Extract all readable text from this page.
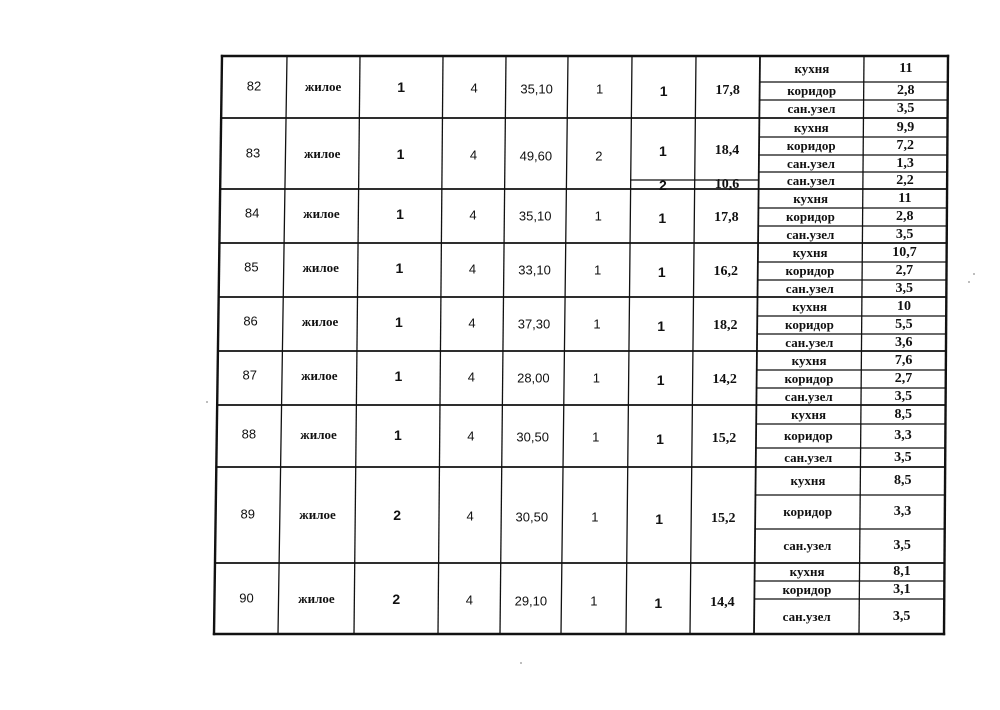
82	жилое	1	4	35,10	1	1	17,8
кухня	11
коридор	2,8
сан.узел	3,5
83	жилое	1	4	49,60	2	1	18,4
2	10,6
кухня	9,9
коридор	7,2
сан.узел	1,3
сан.узел	2,2
84	жилое	1	4	35,10	1	1	17,8
кухня	11
коридор	2,8
сан.узел	3,5
85	жилое	1	4	33,10	1	1	16,2
кухня	10,7
коридор	2,7
сан.узел	3,5
86	жилое	1	4	37,30	1	1	18,2
кухня	10
коридор	5,5
сан.узел	3,6
87	жилое	1	4	28,00	1	1	14,2
кухня	7,6
коридор	2,7
сан.узел	3,5
88	жилое	1	4	30,50	1	1	15,2
кухня	8,5
коридор	3,3
сан.узел	3,5
89	жилое	2	4	30,50	1	1	15,2
кухня	8,5
коридор	3,3
сан.узел	3,5
90	жилое	2	4	29,10	1	1	14,4
кухня	8,1
коридор	3,1
сан.узел	3,5
